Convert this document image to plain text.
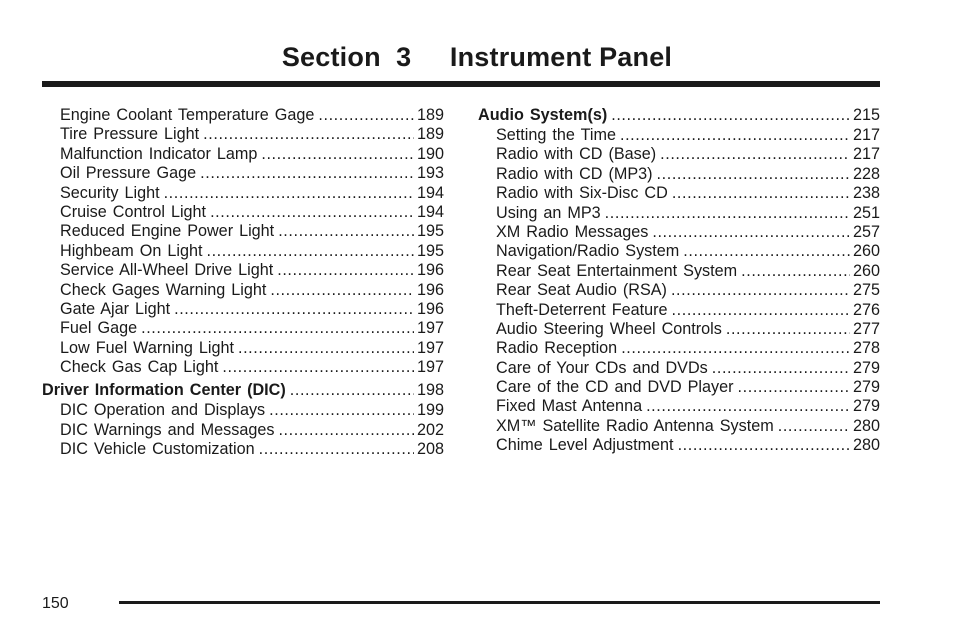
Section  3     Instrument Panel
Engine Coolant Temperature Gage .....	189
Tire Pressure Light .....	189
Malfunction Indicator Lamp .....	190
Oil Pressure Gage .....	193
Security Light .....	194
Cruise Control Light .....	194
Reduced Engine Power Light .....	195
Highbeam On Light .....	195
Service All-Wheel Drive Light .....	196
Check Gages Warning Light .....	196
Gate Ajar Light .....	196
Fuel Gage .....	197
Low Fuel Warning Light .....	197
Check Gas Cap Light .....	197
Driver Information Center (DIC) .....	198
DIC Operation and Displays .....	199
DIC Warnings and Messages .....	202
DIC Vehicle Customization .....	208
Audio System(s) .....	215
Setting the Time .....	217
Radio with CD (Base) .....	217
Radio with CD (MP3) .....	228
Radio with Six-Disc CD .....	238
Using an MP3 .....	251
XM Radio Messages .....	257
Navigation/Radio System .....	260
Rear Seat Entertainment System .....	260
Rear Seat Audio (RSA) .....	275
Theft-Deterrent Feature .....	276
Audio Steering Wheel Controls .....	277
Radio Reception .....	278
Care of Your CDs and DVDs .....	279
Care of the CD and DVD Player .....	279
Fixed Mast Antenna .....	279
XM™ Satellite Radio Antenna System .....	280
Chime Level Adjustment .....	280
150
